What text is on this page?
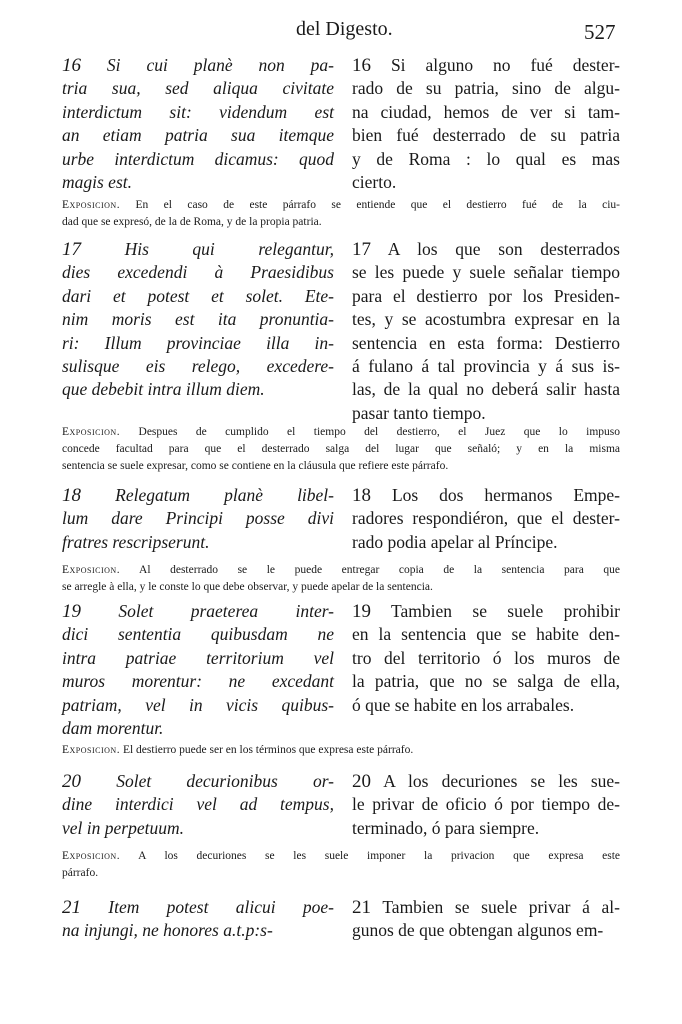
del Digesto.	527
16 Si cui planè non pa-
tria sua, sed aliqua civitate
interdictum sit: videndum est
an etiam patria sua itemque
urbe interdictum dicamus: quod
magis est.
16 Si alguno no fué dester-
rado de su patria, sino de algu-
na ciudad, hemos de ver si tam-
bien fué desterrado de su patria
y de Roma : lo qual es mas
cierto.
Exposicion. En el caso de este párrafo se entiende que el destierro fué de la ciu-
dad que se expresó, de la de Roma, y de la propia patria.
17 His qui relegantur,
dies excedendi à Praesidibus
dari et potest et solet. Ete-
nim moris est ita pronuntia-
ri: Illum provinciae illa in-
sulisque eis relego, excedere-
que debebit intra illum diem.
17 A los que son desterrados
se les puede y suele señalar tiempo
para el destierro por los Presiden-
tes, y se acostumbra expresar en la
sentencia en esta forma: Destierro
á fulano á tal provincia y á sus is-
las, de la qual no deberá salir hasta
pasar tanto tiempo.
Exposicion. Despues de cumplido el tiempo del destierro, el Juez que lo impuso
concede facultad para que el desterrado salga del lugar que señaló; y en la misma
sentencia se suele expresar, como se contiene en la cláusula que refiere este párrafo.
18 Relegatum planè libel-
lum dare Principi posse divi
fratres rescripserunt.
18 Los dos hermanos Empe-
radores respondiéron, que el dester-
rado podia apelar al Príncipe.
Exposicion. Al desterrado se le puede entregar copia de la sentencia para que
se arregle à ella, y le conste lo que debe observar, y puede apelar de la sentencia.
19 Solet praeterea inter-
dici sententia quibusdam ne
intra patriae territorium vel
muros morentur: ne excedant
patriam, vel in vicis quibus-
dam morentur.
19 Tambien se suele prohibir
en la sentencia que se habite den-
tro del territorio ó los muros de
la patria, que no se salga de ella,
ó que se habite en los arrabales.
Exposicion. El destierro puede ser en los términos que expresa este párrafo.
20 Solet decurionibus or-
dine interdici vel ad tempus,
vel in perpetuum.
20 A los decuriones se les sue-
le privar de oficio ó por tiempo de-
terminado, ó para siempre.
Exposicion. A los decuriones se les suele imponer la privacion que expresa este
párrafo.
21 Item potest alicui poe-
na injungi, ne honores a.t.p:s-
21 Tambien se suele privar á al-
gunos de que obtengan algunos em-
